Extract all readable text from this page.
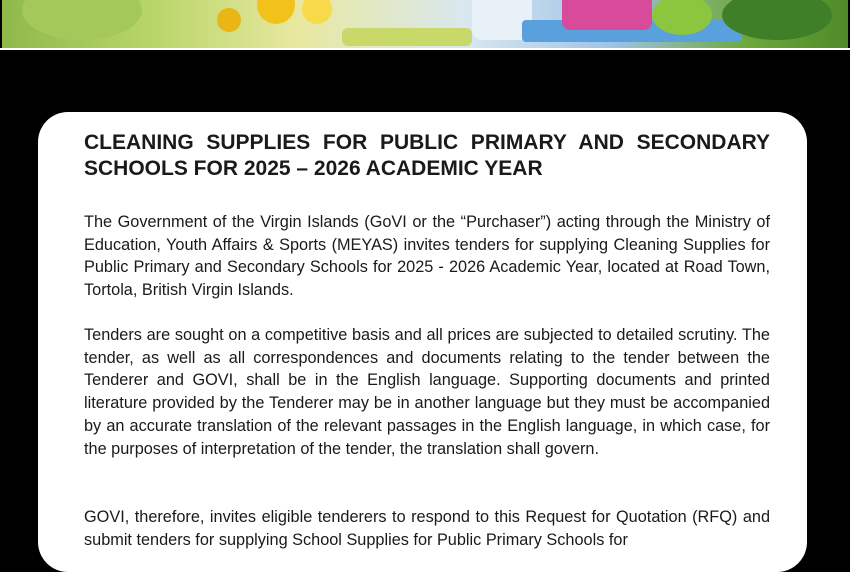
CLEANING SUPPLIES FOR PUBLIC PRIMARY AND SECONDARY SCHOOLS FOR 2025 – 2026 ACADEMIC YEAR

The Government of the Virgin Islands (GoVI or the “Purchaser”) acting through the Ministry of Education, Youth Affairs & Sports (MEYAS) invites tenders for supplying Cleaning Supplies for Public Primary and Secondary Schools for 2025 - 2026 Academic Year, located at Road Town, Tortola, British Virgin Islands.

Tenders are sought on a competitive basis and all prices are subjected to detailed scrutiny. The tender, as well as all correspondences and documents relating to the tender between the Tenderer and GOVI, shall be in the English language. Supporting documents and printed literature provided by the Tenderer may be in another language but they must be accompanied by an accurate translation of the relevant passages in the English language, in which case, for the purposes of interpretation of the tender, the translation shall govern.

GOVI, therefore, invites eligible tenderers to respond to this Request for Quotation (RFQ) and submit tenders for supplying School Supplies for Public Primary Schools for
